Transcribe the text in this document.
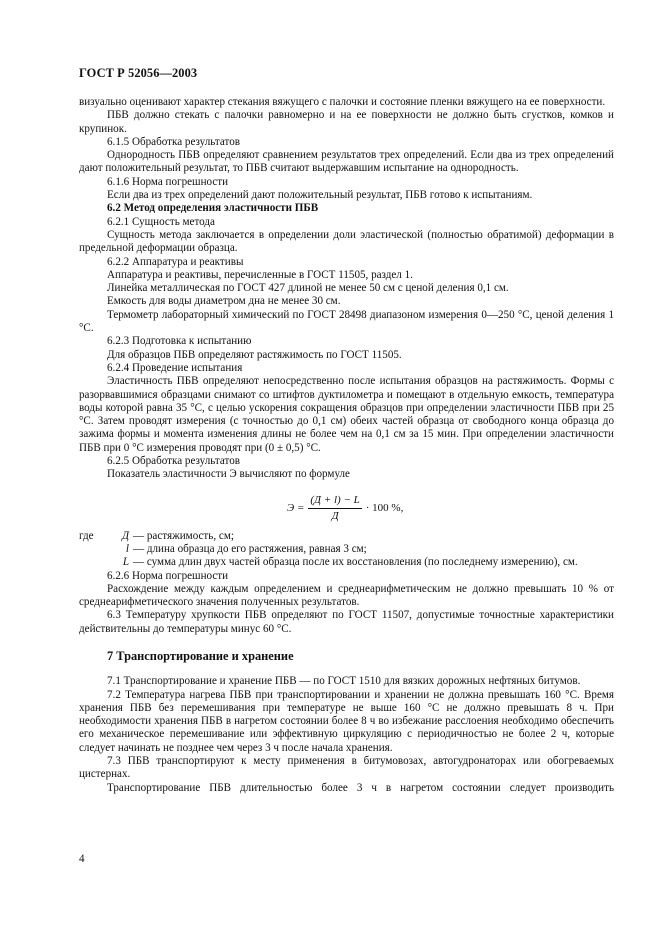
ГОСТ Р 52056—2003

визуально оценивают характер стекания вяжущего с палочки и состояние пленки вяжущего на ее поверхности.

ПБВ должно стекать с палочки равномерно и на ее поверхности не должно быть сгустков, комков и крупинок.

6.1.5 Обработка результатов

Однородность ПБВ определяют сравнением результатов трех определений. Если два из трех определений дают положительный результат, то ПБВ считают выдержавшим испытание на однородность.

6.1.6 Норма погрешности

Если два из трех определений дают положительный результат, ПБВ готово к испытаниям.

6.2 Метод определения эластичности ПБВ

6.2.1 Сущность метода

Сущность метода заключается в определении доли эластической (полностью обратимой) деформации в предельной деформации образца.

6.2.2 Аппаратура и реактивы

Аппаратура и реактивы, перечисленные в ГОСТ 11505, раздел 1.

Линейка металлическая по ГОСТ 427 длиной не менее 50 см с ценой деления 0,1 см.

Емкость для воды диаметром дна не менее 30 см.

Термометр лабораторный химический по ГОСТ 28498 диапазоном измерения 0—250 °С, ценой деления 1 °С.

6.2.3 Подготовка к испытанию

Для образцов ПБВ определяют растяжимость по ГОСТ 11505.

6.2.4 Проведение испытания

Эластичность ПБВ определяют непосредственно после испытания образцов на растяжимость. Формы с разорвавшимися образцами снимают со штифтов дуктилометра и помещают в отдельную емкость, температура воды которой равна 35 °С, с целью ускорения сокращения образцов при определении эластичности ПБВ при 25 °С. Затем проводят измерения (с точностью до 0,1 см) обеих частей образца от свободного конца образца до зажима формы и момента изменения длины не более чем на 0,1 см за 15 мин. При определении эластичности ПБВ при 0 °С измерения проводят при (0 ± 0,5) °С.

6.2.5 Обработка результатов

Показатель эластичности Э вычисляют по формуле

$Э = \frac{(Д + l) - L}{Д} \cdot 100$ %,
где	Д — растяжимость, см;
l — длина образца до его растяжения, равная 3 см;
L — сумма длин двух частей образца после их восстановления (по последнему измерению), см.

6.2.6 Норма погрешности

Расхождение между каждым определением и среднеарифметическим не должно превышать 10 % от среднеарифметического значения полученных результатов.

6.3 Температуру хрупкости ПБВ определяют по ГОСТ 11507, допустимые точностные характеристики действительны до температуры минус 60 °С.

7 Транспортирование и хранение

7.1 Транспортирование и хранение ПБВ — по ГОСТ 1510 для вязких дорожных нефтяных битумов.

7.2 Температура нагрева ПБВ при транспортировании и хранении не должна превышать 160 °С. Время хранения ПБВ без перемешивания при температуре не выше 160 °С не должно превышать 8 ч. При необходимости хранения ПБВ в нагретом состоянии более 8 ч во избежание расслоения необходимо обеспечить его механическое перемешивание или эффективную циркуляцию с периодичностью не более 2 ч, которые следует начинать не позднее чем через 3 ч после начала хранения.

7.3 ПБВ транспортируют к месту применения в битумовозах, автогудронаторах или обогреваемых цистернах.

Транспортирование ПБВ длительностью более 3 ч в нагретом состоянии следует производить

4
